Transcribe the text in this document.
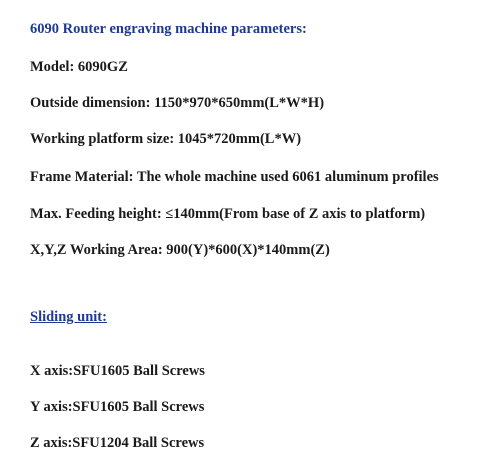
6090 Router engraving machine parameters:
Model: 6090GZ
Outside dimension: 1150*970*650mm(L*W*H)
Working platform size: 1045*720mm(L*W)
Frame Material: The whole machine used 6061 aluminum profiles
Max. Feeding height: ≤140mm(From base of Z axis to platform)
X,Y,Z Working Area: 900(Y)*600(X)*140mm(Z)
Sliding unit:
X axis:SFU1605 Ball Screws
Y axis:SFU1605 Ball Screws
Z axis:SFU1204 Ball Screws
